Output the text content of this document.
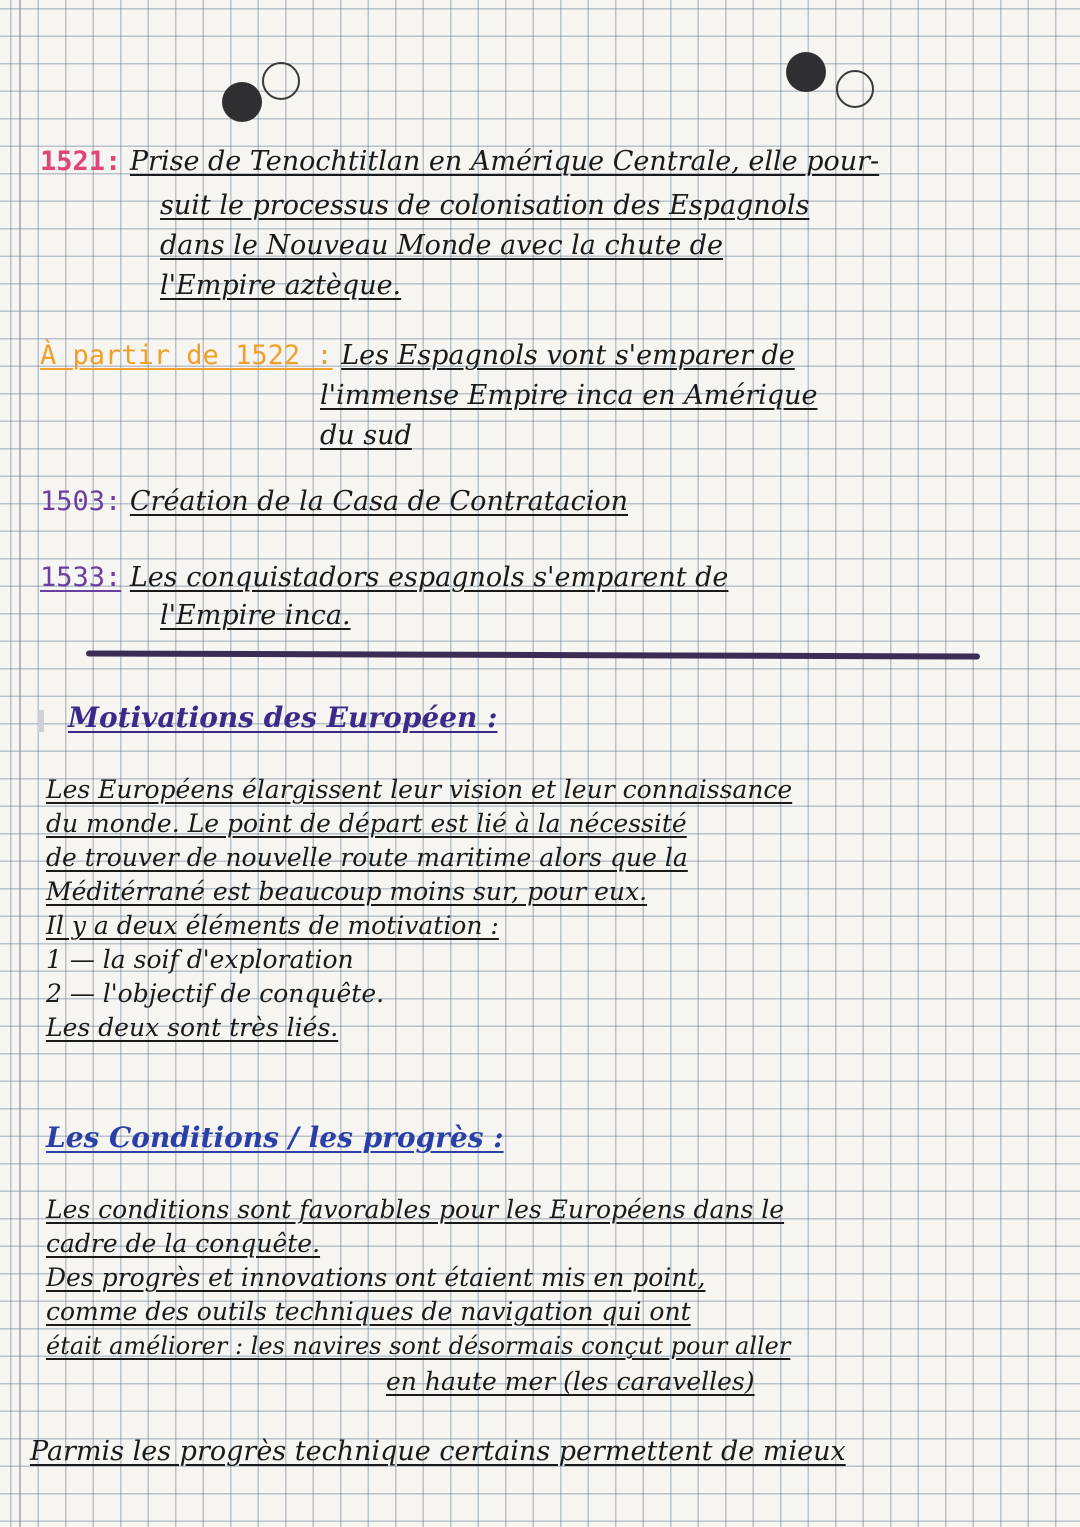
1521: Prise de Tenochtitlan en Amérique Centrale, elle pour-

suit le processus de colonisation des Espagnols

dans le Nouveau Monde avec la chute de

l'Empire aztèque.

À partir de 1522 : Les Espagnols vont s'emparer de

l'immense Empire inca en Amérique

du sud

1503: Création de la Casa de Contratacion

1533: Les conquistadors espagnols s'emparent de

l'Empire inca.

Motivations des Européen :

Les Européens élargissent leur vision et leur connaissance

du monde. Le point de départ est lié à la nécessité

de trouver de nouvelle route maritime alors que la

Méditérrané est beaucoup moins sur, pour eux.

Il y a deux éléments de motivation :

1 — la soif d'exploration

2 — l'objectif de conquête.

Les deux sont très liés.

Les Conditions / les progrès :

Les conditions sont favorables pour les Européens dans le

cadre de la conquête.

Des progrès et innovations ont étaient mis en point,

comme des outils techniques de navigation qui ont

était améliorer : les navires sont désormais conçut pour aller

en haute mer (les caravelles)

Parmis les progrès technique certains permettent de mieux
